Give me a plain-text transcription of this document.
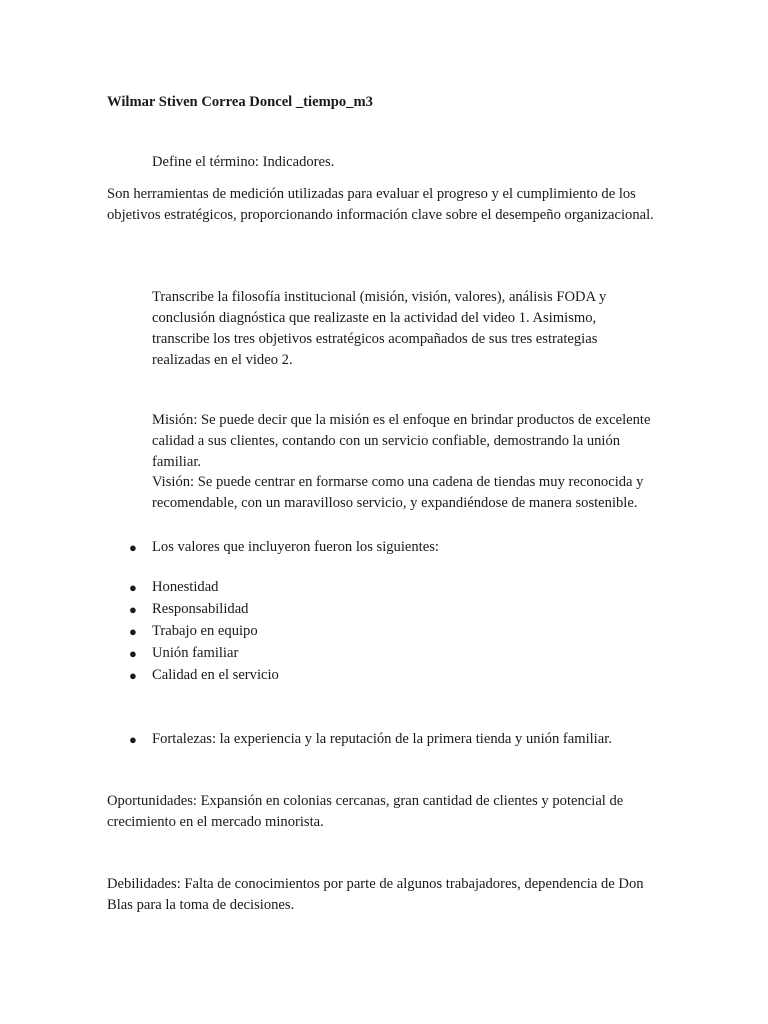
Wilmar Stiven Correa Doncel _tiempo_m3

Define el término: Indicadores.

Son herramientas de medición utilizadas para evaluar el progreso y el cumplimiento de los objetivos estratégicos, proporcionando información clave sobre el desempeño organizacional.

Transcribe la filosofía institucional (misión, visión, valores), análisis FODA y conclusión diagnóstica que realizaste en la actividad del video 1. Asimismo, transcribe los tres objetivos estratégicos acompañados de sus tres estrategias realizadas en el video 2.

Misión: Se puede decir que la misión es el enfoque en brindar productos de excelente calidad a sus clientes, contando con un servicio confiable, demostrando la unión familiar.

Visión: Se puede centrar en formarse como una cadena de tiendas muy reconocida y recomendable, con un maravilloso servicio, y expandiéndose de manera sostenible.

● Los valores que incluyeron fueron los siguientes:
● Honestidad
● Responsabilidad
● Trabajo en equipo
● Unión familiar
● Calidad en el servicio
● Fortalezas: la experiencia y la reputación de la primera tienda y unión familiar.

Oportunidades: Expansión en colonias cercanas, gran cantidad de clientes y potencial de crecimiento en el mercado minorista.

Debilidades: Falta de conocimientos por parte de algunos trabajadores, dependencia de Don Blas para la toma de decisiones.
